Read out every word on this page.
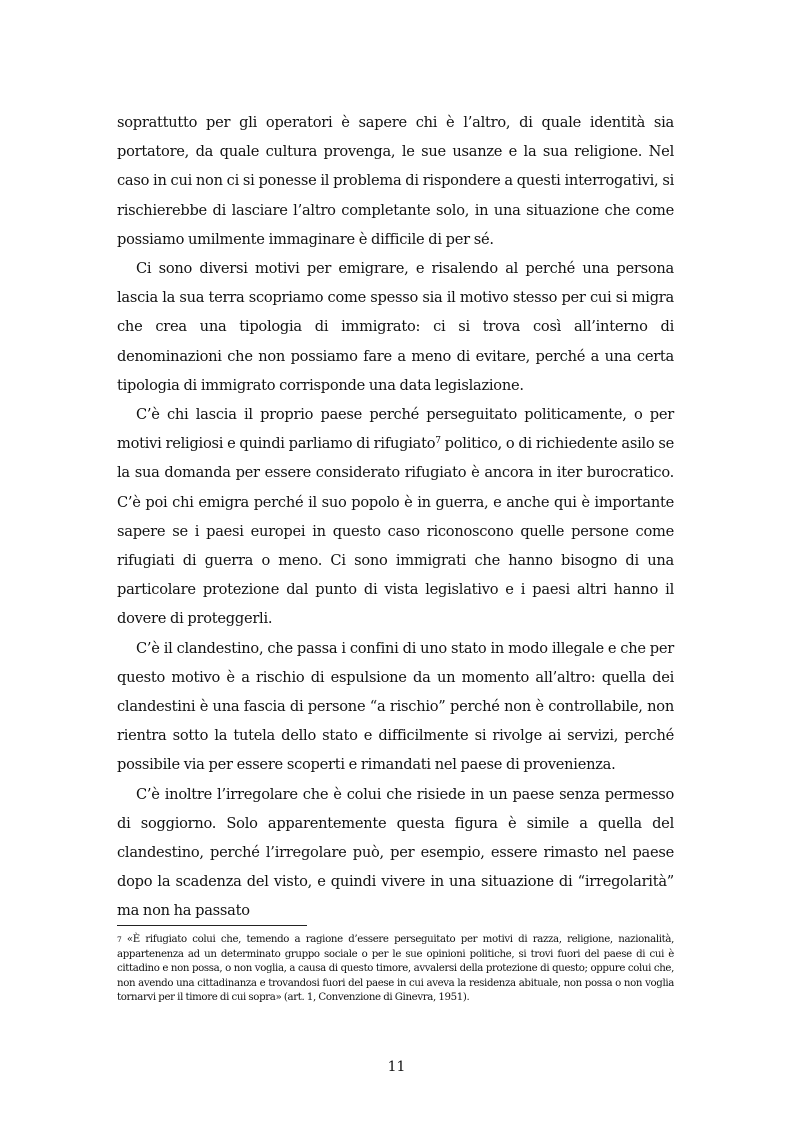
soprattutto per gli operatori è sapere chi è l’altro, di quale identità sia portatore, da quale cultura provenga, le sue usanze e la sua religione. Nel caso in cui non ci si ponesse il problema di rispondere a questi interrogativi, si rischierebbe di lasciare l’altro completante solo, in una situazione che come possiamo umilmente immaginare è difficile di per sé.

Ci sono diversi motivi per emigrare, e risalendo al perché una persona lascia la sua terra scopriamo come spesso sia il motivo stesso per cui si migra che crea una tipologia di immigrato: ci si trova così all’interno di denominazioni che non possiamo fare a meno di evitare, perché a una certa tipologia di immigrato corrisponde una data legislazione.

C’è chi lascia il proprio paese perché perseguitato politicamente, o per motivi religiosi e quindi parliamo di rifugiato$^7$ politico, o di richiedente asilo se la sua domanda per essere considerato rifugiato è ancora in iter burocratico. C’è poi chi emigra perché il suo popolo è in guerra, e anche qui è importante sapere se i paesi europei in questo caso riconoscono quelle persone come rifugiati di guerra o meno. Ci sono immigrati che hanno bisogno di una particolare protezione dal punto di vista legislativo e i paesi altri hanno il dovere di proteggerli.

C’è il clandestino, che passa i confini di uno stato in modo illegale e che per questo motivo è a rischio di espulsione da un momento all’altro: quella dei clandestini è una fascia di persone “a rischio” perché non è controllabile, non rientra sotto la tutela dello stato e difficilmente si rivolge ai servizi, perché possibile via per essere scoperti e rimandati nel paese di provenienza.

C’è inoltre l’irregolare che è colui che risiede in un paese senza permesso di soggiorno. Solo apparentemente questa figura è simile a quella del clandestino, perché l’irregolare può, per esempio, essere rimasto nel paese dopo la scadenza del visto, e quindi vivere in una situazione di “irregolarità” ma non ha passato

$^7$ «È rifugiato colui che, temendo a ragione d’essere perseguitato per motivi di razza, religione, nazionalità, appartenenza ad un determinato gruppo sociale o per le sue opinioni politiche, si trovi fuori del paese di cui è cittadino e non possa, o non voglia, a causa di questo timore, avvalersi della protezione di questo; oppure colui che, non avendo una cittadinanza e trovandosi fuori del paese in cui aveva la residenza abituale, non possa o non voglia tornarvi per il timore di cui sopra» (art. 1, Convenzione di Ginevra, 1951).

11
